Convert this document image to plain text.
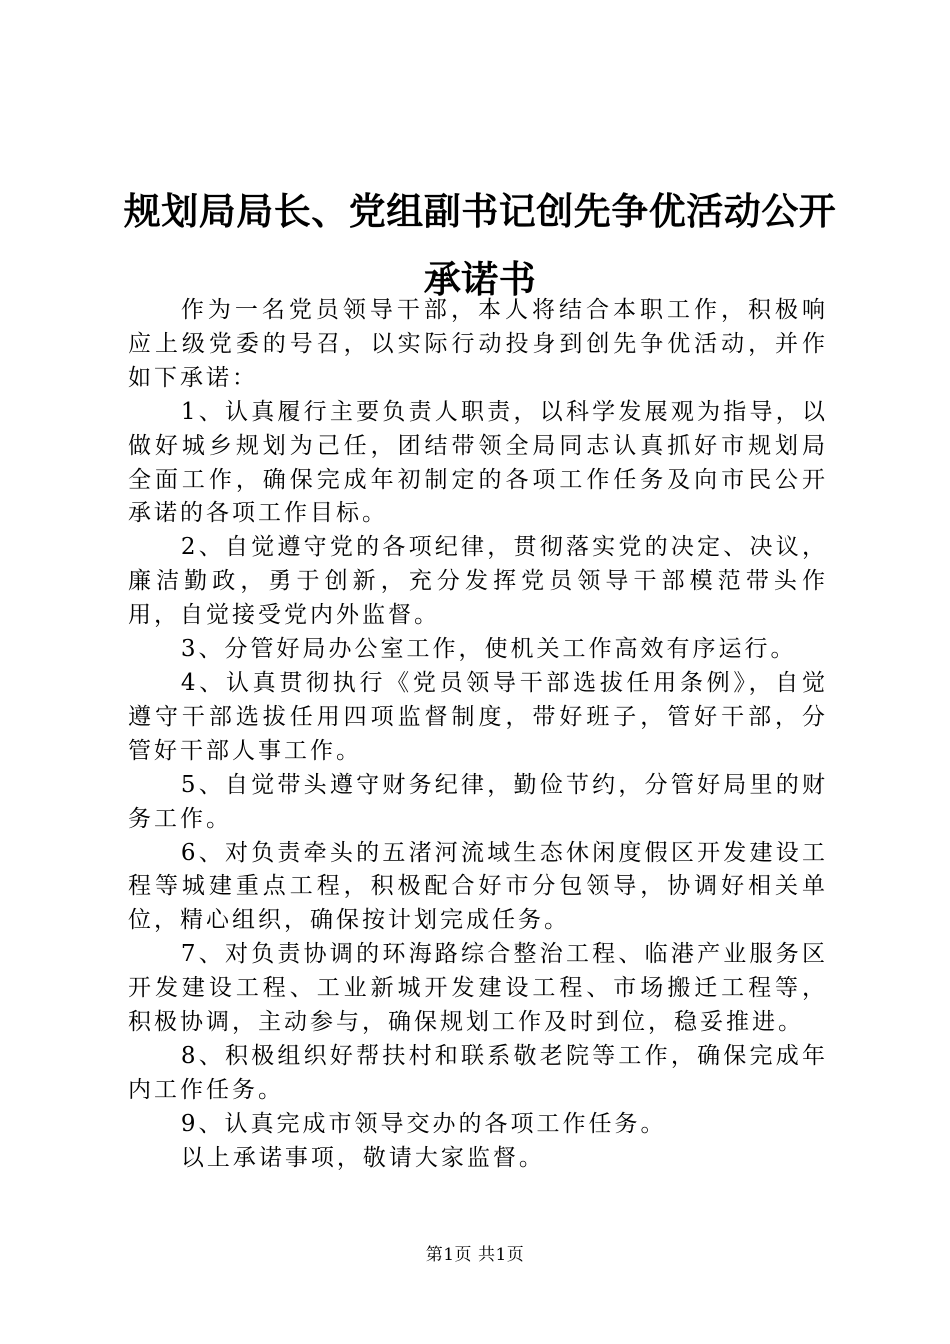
规划局局长、党组副书记创先争优活动公开承诺书

作为一名党员领导干部，本人将结合本职工作，积极响应上级党委的号召，以实际行动投身到创先争优活动，并作如下承诺：

1、认真履行主要负责人职责，以科学发展观为指导，以做好城乡规划为己任，团结带领全局同志认真抓好市规划局全面工作，确保完成年初制定的各项工作任务及向市民公开承诺的各项工作目标。

2、自觉遵守党的各项纪律，贯彻落实党的决定、决议，廉洁勤政，勇于创新，充分发挥党员领导干部模范带头作用，自觉接受党内外监督。

3、分管好局办公室工作，使机关工作高效有序运行。

4、认真贯彻执行《党员领导干部选拔任用条例》，自觉遵守干部选拔任用四项监督制度，带好班子，管好干部，分管好干部人事工作。

5、自觉带头遵守财务纪律，勤俭节约，分管好局里的财务工作。

6、对负责牵头的五渚河流域生态休闲度假区开发建设工程等城建重点工程，积极配合好市分包领导，协调好相关单位，精心组织，确保按计划完成任务。

7、对负责协调的环海路综合整治工程、临港产业服务区开发建设工程、工业新城开发建设工程、市场搬迁工程等，积极协调，主动参与，确保规划工作及时到位，稳妥推进。

8、积极组织好帮扶村和联系敬老院等工作，确保完成年内工作任务。

9、认真完成市领导交办的各项工作任务。

以上承诺事项，敬请大家监督。

第1页 共1页
